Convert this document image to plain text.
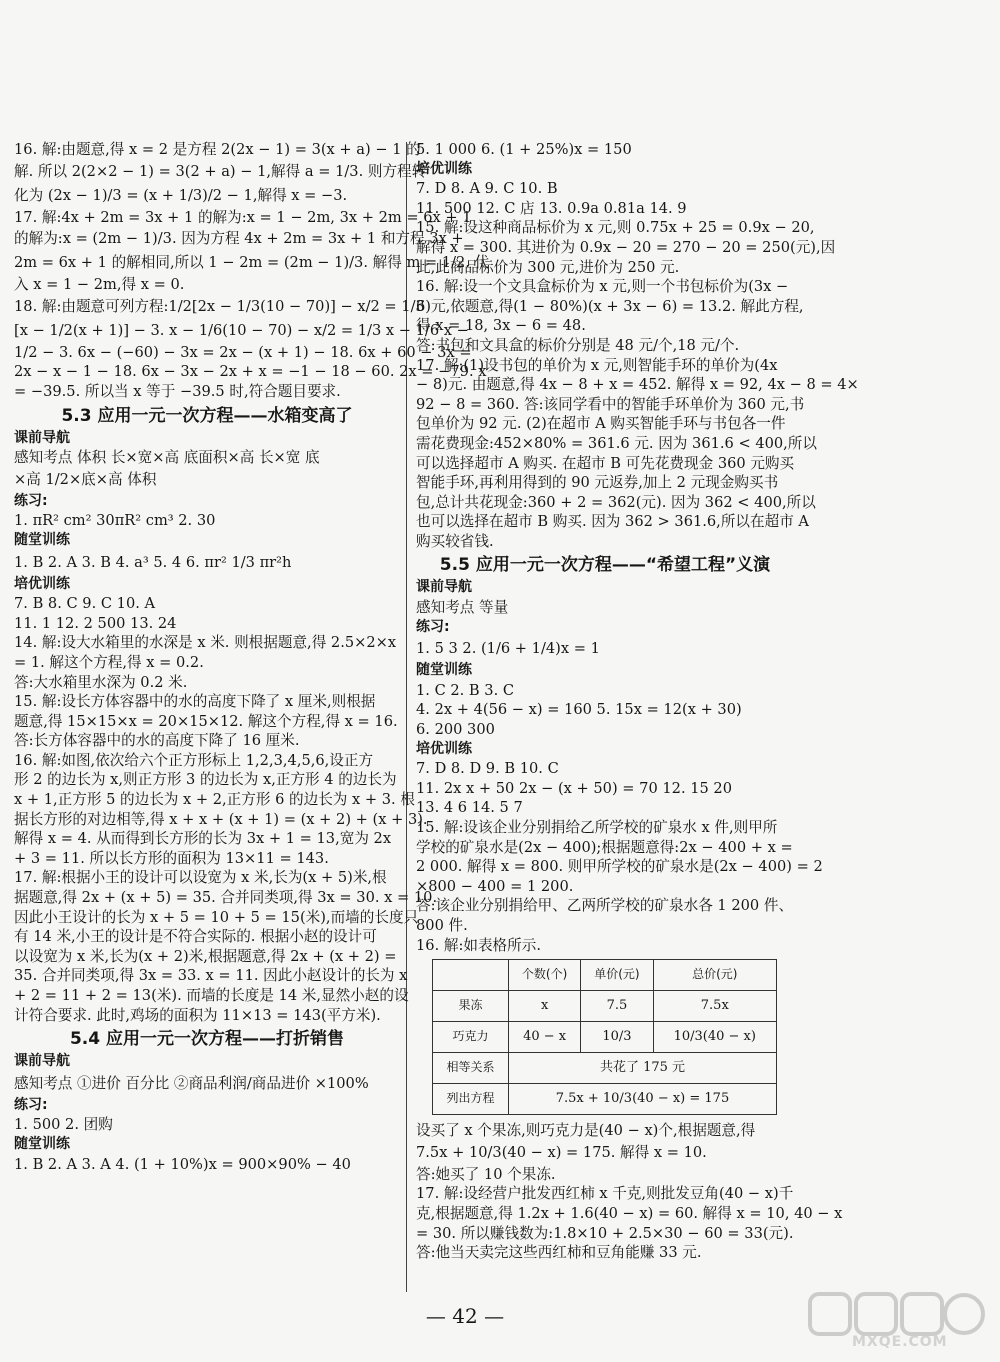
16. 解:由题意,得 x = 2 是方程 2(2x − 1) = 3(x + a) − 1 的
解. 所以 2(2×2 − 1) = 3(2 + a) − 1,解得 a = 1/3. 则方程转
化为 (2x − 1)/3 = (x + 1/3)/2 − 1,解得 x = −3.
17. 解:4x + 2m = 3x + 1 的解为:x = 1 − 2m, 3x + 2m = 6x + 1
的解为:x = (2m − 1)/3. 因为方程 4x + 2m = 3x + 1 和方程 3x +
2m = 6x + 1 的解相同,所以 1 − 2m = (2m − 1)/3. 解得 m = 1/2. 代
入 x = 1 − 2m,得 x = 0.
18. 解:由题意可列方程:1/2[2x − 1/3(10 − 70)] − x/2 = 1/3
[x − 1/2(x + 1)] − 3. x − 1/6(10 − 70) − x/2 = 1/3 x − 1/6 x −
1/2 − 3. 6x − (−60) − 3x = 2x − (x + 1) − 18. 6x + 60 − 3x =
2x − x − 1 − 18. 6x − 3x − 2x + x = −1 − 18 − 60. 2x = −79. x
= −39.5. 所以当 x 等于 −39.5 时,符合题目要求.
5.3 应用一元一次方程——水箱变高了
课前导航
感知考点 体积 长×宽×高 底面积×高 长×宽 底
×高 1/2×底×高 体积
练习:
1. πR² cm² 30πR² cm³ 2. 30
随堂训练
1. B 2. A 3. B 4. a³ 5. 4 6. πr² 1/3 πr²h
培优训练
7. B 8. C 9. C 10. A
11. 1 12. 2 500 13. 24
14. 解:设大水箱里的水深是 x 米. 则根据题意,得 2.5×2×x
= 1. 解这个方程,得 x = 0.2.
答:大水箱里水深为 0.2 米.
15. 解:设长方体容器中的水的高度下降了 x 厘米,则根据
题意,得 15×15×x = 20×15×12. 解这个方程,得 x = 16.
答:长方体容器中的水的高度下降了 16 厘米.
16. 解:如图,依次给六个正方形标上 1,2,3,4,5,6,设正方
形 2 的边长为 x,则正方形 3 的边长为 x,正方形 4 的边长为
x + 1,正方形 5 的边长为 x + 2,正方形 6 的边长为 x + 3. 根
据长方形的对边相等,得 x + x + (x + 1) = (x + 2) + (x + 3).
解得 x = 4. 从而得到长方形的长为 3x + 1 = 13,宽为 2x
+ 3 = 11. 所以长方形的面积为 13×11 = 143.
17. 解:根据小王的设计可以设宽为 x 米,长为(x + 5)米,根
据题意,得 2x + (x + 5) = 35. 合并同类项,得 3x = 30. x = 10.
因此小王设计的长为 x + 5 = 10 + 5 = 15(米),而墙的长度只
有 14 米,小王的设计是不符合实际的. 根据小赵的设计可
以设宽为 x 米,长为(x + 2)米,根据题意,得 2x + (x + 2) =
35. 合并同类项,得 3x = 33. x = 11. 因此小赵设计的长为 x
+ 2 = 11 + 2 = 13(米). 而墙的长度是 14 米,显然小赵的设
计符合要求. 此时,鸡场的面积为 11×13 = 143(平方米).
5.4 应用一元一次方程——打折销售
课前导航
感知考点 ①进价 百分比 ②商品利润/商品进价 ×100%
练习:
1. 500 2. 团购
随堂训练
1. B 2. A 3. A 4. (1 + 10%)x = 900×90% − 40
5. 1 000 6. (1 + 25%)x = 150
培优训练
7. D 8. A 9. C 10. B
11. 500 12. C 店 13. 0.9a 0.81a 14. 9
15. 解:设这种商品标价为 x 元,则 0.75x + 25 = 0.9x − 20,
解得 x = 300. 其进价为 0.9x − 20 = 270 − 20 = 250(元),因
此,此商品标价为 300 元,进价为 250 元.
16. 解:设一个文具盒标价为 x 元,则一个书包标价为(3x −
6)元,依题意,得(1 − 80%)(x + 3x − 6) = 13.2. 解此方程,
得 x = 18, 3x − 6 = 48.
答:书包和文具盒的标价分别是 48 元/个,18 元/个.
17. 解:(1)设书包的单价为 x 元,则智能手环的单价为(4x
− 8)元. 由题意,得 4x − 8 + x = 452. 解得 x = 92, 4x − 8 = 4×
92 − 8 = 360. 答:该同学看中的智能手环单价为 360 元,书
包单价为 92 元. (2)在超市 A 购买智能手环与书包各一件
需花费现金:452×80% = 361.6 元. 因为 361.6 < 400,所以
可以选择超市 A 购买. 在超市 B 可先花费现金 360 元购买
智能手环,再利用得到的 90 元返券,加上 2 元现金购买书
包,总计共花现金:360 + 2 = 362(元). 因为 362 < 400,所以
也可以选择在超市 B 购买. 因为 362 > 361.6,所以在超市 A
购买较省钱.
5.5 应用一元一次方程——“希望工程”义演
课前导航
感知考点 等量
练习:
1. 5 3 2. (1/6 + 1/4)x = 1
随堂训练
1. C 2. B 3. C
4. 2x + 4(56 − x) = 160 5. 15x = 12(x + 30)
6. 200 300
培优训练
7. D 8. D 9. B 10. C
11. 2x x + 50 2x − (x + 50) = 70 12. 15 20
13. 4 6 14. 5 7
15. 解:设该企业分别捐给乙所学校的矿泉水 x 件,则甲所
学校的矿泉水是(2x − 400);根据题意得:2x − 400 + x =
2 000. 解得 x = 800. 则甲所学校的矿泉水是(2x − 400) = 2
×800 − 400 = 1 200.
答:该企业分别捐给甲、乙两所学校的矿泉水各 1 200 件、
800 件.
16. 解:如表格所示.
	个数(个)	单价(元)	总价(元)
果冻	x	7.5	7.5x
巧克力	40 − x	10/3	10/3(40 − x)
相等关系	共花了 175 元		
列出方程	7.5x + 10/3(40 − x) = 175		
设买了 x 个果冻,则巧克力是(40 − x)个,根据题意,得
7.5x + 10/3(40 − x) = 175. 解得 x = 10.
答:她买了 10 个果冻.
17. 解:设经营户批发西红柿 x 千克,则批发豆角(40 − x)千
克,根据题意,得 1.2x + 1.6(40 − x) = 60. 解得 x = 10, 40 − x
= 30. 所以赚钱数为:1.8×10 + 2.5×30 − 60 = 33(元).
答:他当天卖完这些西红柿和豆角能赚 33 元.
— 42 —
MXQE.COM
